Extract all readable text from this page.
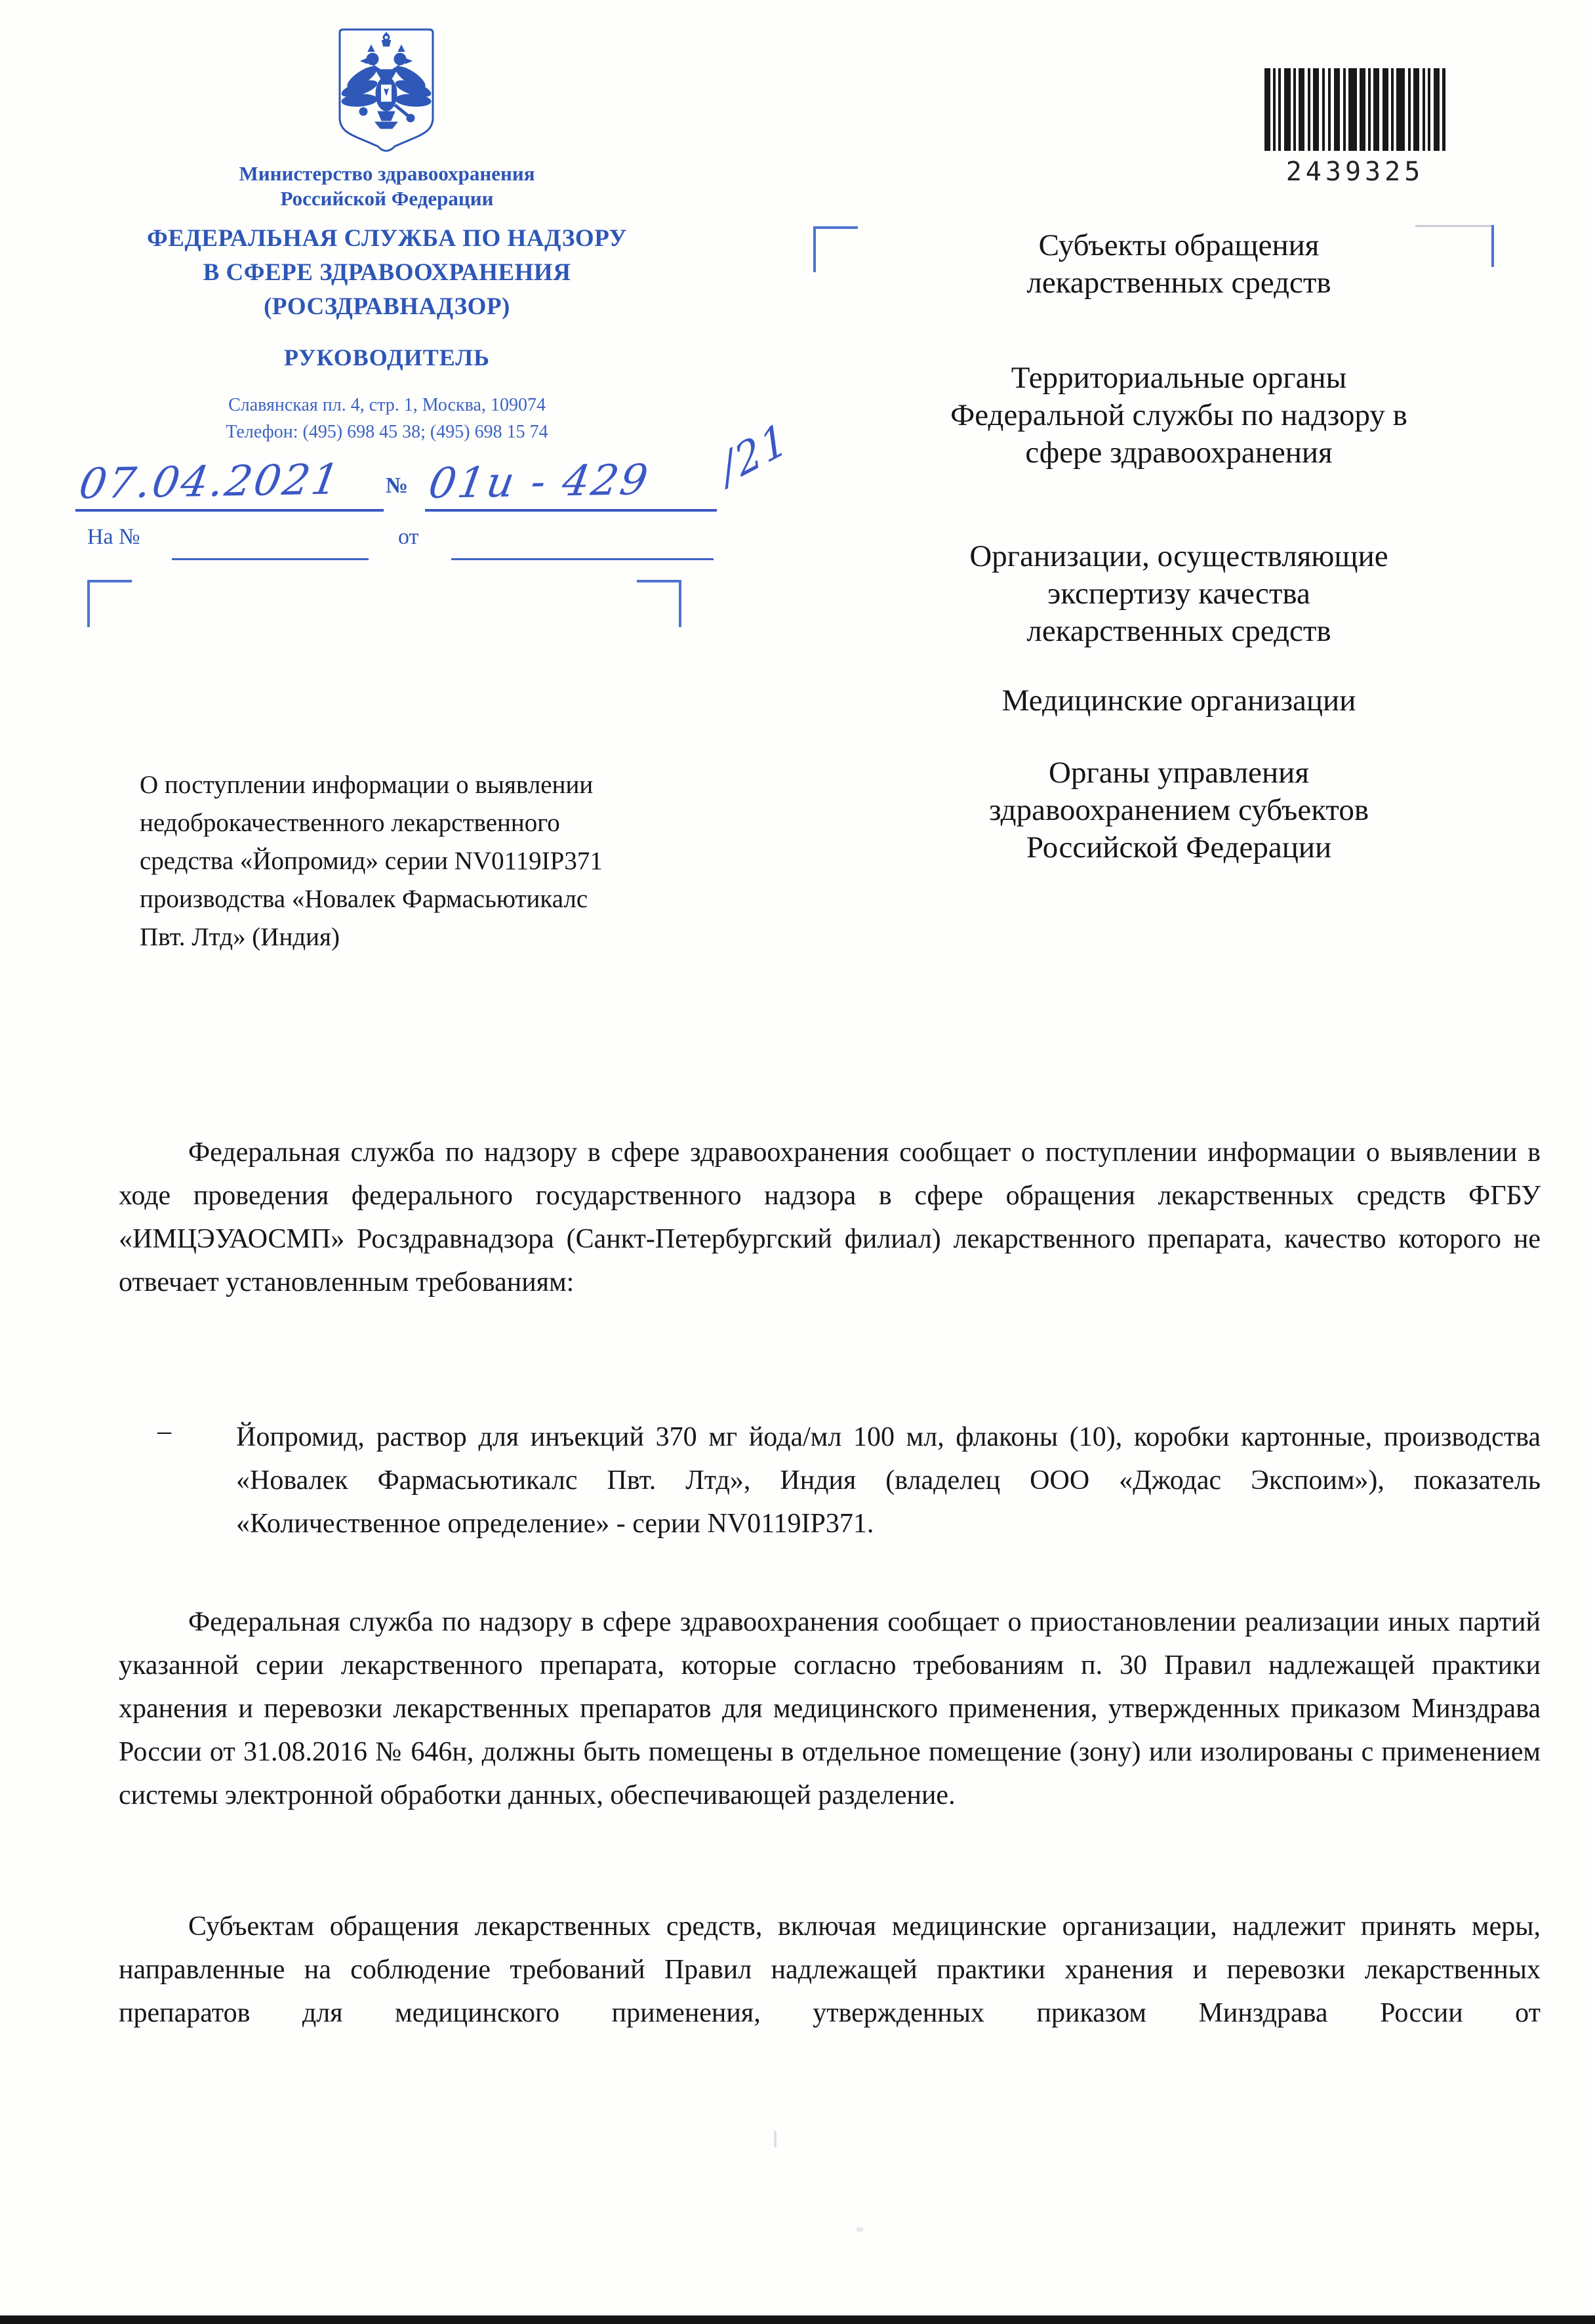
2439325
Министерство здравоохранения
Российской Федерации
ФЕДЕРАЛЬНАЯ СЛУЖБА ПО НАДЗОРУ
В СФЕРЕ ЗДРАВООХРАНЕНИЯ
(РОСЗДРАВНАДЗОР)
РУКОВОДИТЕЛЬ
Славянская пл. 4, стр. 1, Москва, 109074
Телефон: (495) 698 45 38; (495) 698 15 74
07.04.2021 № 01и - 429 /21
На №	от
Субъекты обращения
лекарственных средств
Территориальные органы
Федеральной службы по надзору в
сфере здравоохранения
Организации, осуществляющие
экспертизу качества
лекарственных средств
Медицинские организации
Органы управления
здравоохранением субъектов
Российской Федерации
О поступлении информации о выявлении
недоброкачественного лекарственного
средства «Йопромид» серии NV0119IP371
производства «Новалек Фармасьютикалс
Пвт. Лтд» (Индия)
Федеральная служба по надзору в сфере здравоохранения сообщает о поступлении информации о выявлении в ходе проведения федерального государственного надзора в сфере обращения лекарственных средств ФГБУ «ИМЦЭУАОСМП» Росздравнадзора (Санкт-Петербургский филиал) лекарственного препарата, качество которого не отвечает установленным требованиям:
– Йопромид, раствор для инъекций 370 мг йода/мл 100 мл, флаконы (10), коробки картонные, производства «Новалек Фармасьютикалс Пвт. Лтд», Индия (владелец ООО «Джодас Экспоим»), показатель «Количественное определение» - серии NV0119IP371.
Федеральная служба по надзору в сфере здравоохранения сообщает о приостановлении реализации иных партий указанной серии лекарственного препарата, которые согласно требованиям п. 30 Правил надлежащей практики хранения и перевозки лекарственных препаратов для медицинского применения, утвержденных приказом Минздрава России от 31.08.2016 № 646н, должны быть помещены в отдельное помещение (зону) или изолированы с применением системы электронной обработки данных, обеспечивающей разделение.
Субъектам обращения лекарственных средств, включая медицинские организации, надлежит принять меры, направленные на соблюдение требований Правил надлежащей практики хранения и перевозки лекарственных препаратов для медицинского применения, утвержденных приказом Минздрава России от
